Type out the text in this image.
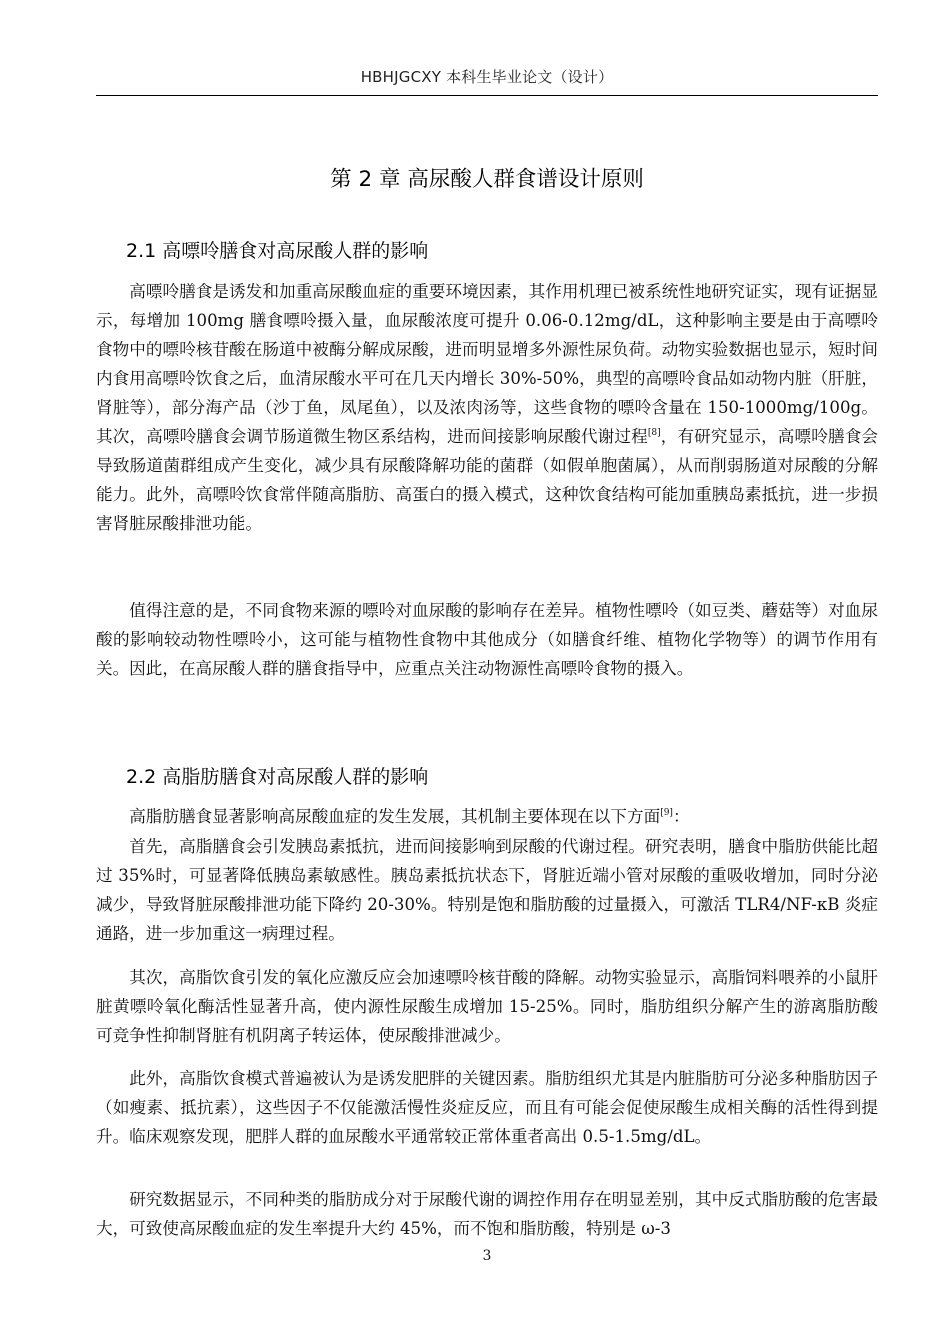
HBHJGCXY 本科生毕业论文（设计）
第 2 章 高尿酸人群食谱设计原则
2.1 高嘌呤膳食对高尿酸人群的影响

高嘌呤膳食是诱发和加重高尿酸血症的重要环境因素，其作用机理已被系统性地研究证实，现有证据显示，每增加 100mg 膳食嘌呤摄入量，血尿酸浓度可提升 0.06-0.12mg/dL，这种影响主要是由于高嘌呤食物中的嘌呤核苷酸在肠道中被酶分解成尿酸，进而明显增多外源性尿负荷。动物实验数据也显示，短时间内食用高嘌呤饮食之后，血清尿酸水平可在几天内增长 30%-50%，典型的高嘌呤食品如动物内脏（肝脏，肾脏等），部分海产品（沙丁鱼，凤尾鱼），以及浓肉汤等，这些食物的嘌呤含量在 150-1000mg/100g。其次，高嘌呤膳食会调节肠道微生物区系结构，进而间接影响尿酸代谢过程[8]，有研究显示，高嘌呤膳食会导致肠道菌群组成产生变化，减少具有尿酸降解功能的菌群（如假单胞菌属），从而削弱肠道对尿酸的分解能力。此外，高嘌呤饮食常伴随高脂肪、高蛋白的摄入模式，这种饮食结构可能加重胰岛素抵抗，进一步损害肾脏尿酸排泄功能。

值得注意的是，不同食物来源的嘌呤对血尿酸的影响存在差异。植物性嘌呤（如豆类、蘑菇等）对血尿酸的影响较动物性嘌呤小，这可能与植物性食物中其他成分（如膳食纤维、植物化学物等）的调节作用有关。因此，在高尿酸人群的膳食指导中，应重点关注动物源性高嘌呤食物的摄入。

2.2 高脂肪膳食对高尿酸人群的影响

高脂肪膳食显著影响高尿酸血症的发生发展，其机制主要体现在以下方面[9]：

首先，高脂膳食会引发胰岛素抵抗，进而间接影响到尿酸的代谢过程。研究表明，膳食中脂肪供能比超过 35%时，可显著降低胰岛素敏感性。胰岛素抵抗状态下，肾脏近端小管对尿酸的重吸收增加，同时分泌减少，导致肾脏尿酸排泄功能下降约 20-30%。特别是饱和脂肪酸的过量摄入，可激活 TLR4/NF-κB 炎症通路，进一步加重这一病理过程。

其次，高脂饮食引发的氧化应激反应会加速嘌呤核苷酸的降解。动物实验显示，高脂饲料喂养的小鼠肝脏黄嘌呤氧化酶活性显著升高，使内源性尿酸生成增加 15-25%。同时，脂肪组织分解产生的游离脂肪酸可竞争性抑制肾脏有机阴离子转运体，使尿酸排泄减少。

此外，高脂饮食模式普遍被认为是诱发肥胖的关键因素。脂肪组织尤其是内脏脂肪可分泌多种脂肪因子（如瘦素、抵抗素），这些因子不仅能激活慢性炎症反应，而且有可能会促使尿酸生成相关酶的活性得到提升。临床观察发现，肥胖人群的血尿酸水平通常较正常体重者高出 0.5-1.5mg/dL。

研究数据显示，不同种类的脂肪成分对于尿酸代谢的调控作用存在明显差别，其中反式脂肪酸的危害最大，可致使高尿酸血症的发生率提升大约 45%，而不饱和脂肪酸，特别是 ω-3

3
